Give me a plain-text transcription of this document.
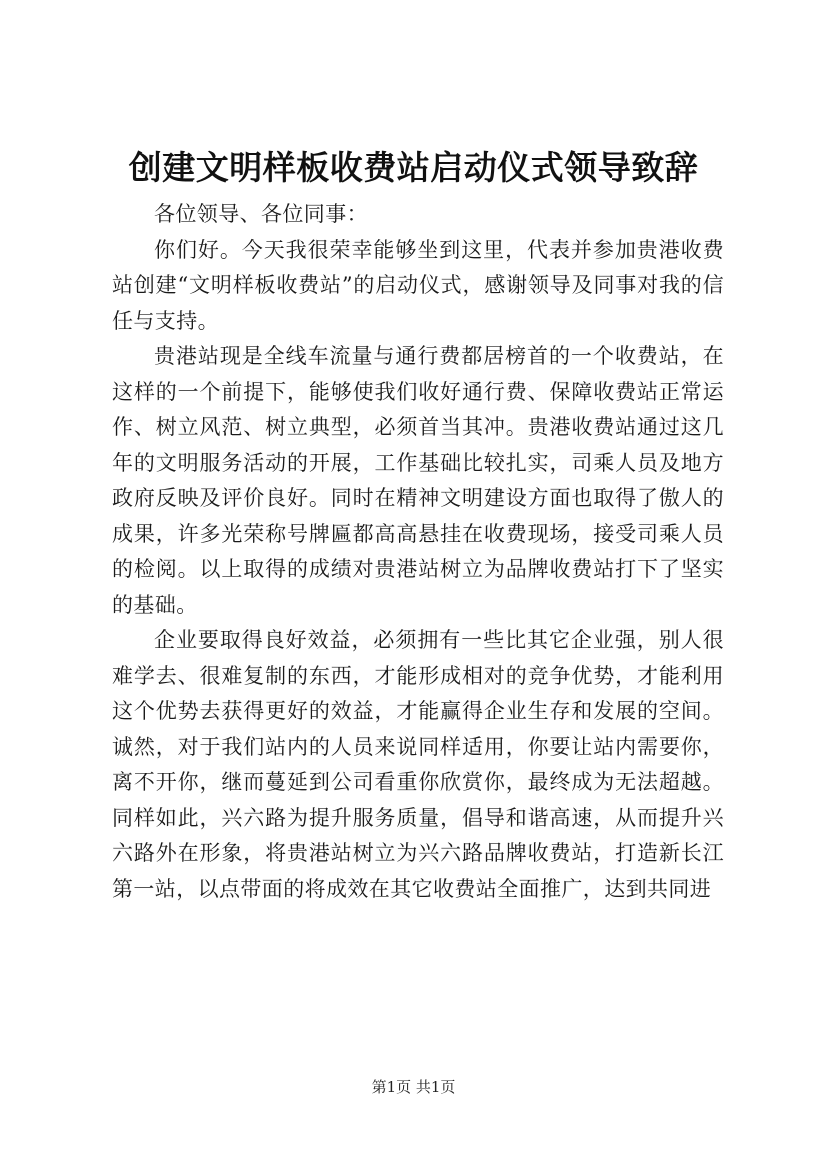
创建文明样板收费站启动仪式领导致辞

各位领导、各位同事：

你们好。今天我很荣幸能够坐到这里，代表并参加贵港收费站创建“文明样板收费站”的启动仪式，感谢领导及同事对我的信任与支持。

贵港站现是全线车流量与通行费都居榜首的一个收费站，在这样的一个前提下，能够使我们收好通行费、保障收费站正常运作、树立风范、树立典型，必须首当其冲。贵港收费站通过这几年的文明服务活动的开展，工作基础比较扎实，司乘人员及地方政府反映及评价良好。同时在精神文明建设方面也取得了傲人的成果，许多光荣称号牌匾都高高悬挂在收费现场，接受司乘人员的检阅。以上取得的成绩对贵港站树立为品牌收费站打下了坚实的基础。

企业要取得良好效益，必须拥有一些比其它企业强，别人很难学去、很难复制的东西，才能形成相对的竞争优势，才能利用这个优势去获得更好的效益，才能赢得企业生存和发展的空间。诚然，对于我们站内的人员来说同样适用，你要让站内需要你，离不开你，继而蔓延到公司看重你欣赏你，最终成为无法超越。同样如此，兴六路为提升服务质量，倡导和谐高速，从而提升兴六路外在形象，将贵港站树立为兴六路品牌收费站，打造新长江第一站，以点带面的将成效在其它收费站全面推广，达到共同进

第1页 共1页
